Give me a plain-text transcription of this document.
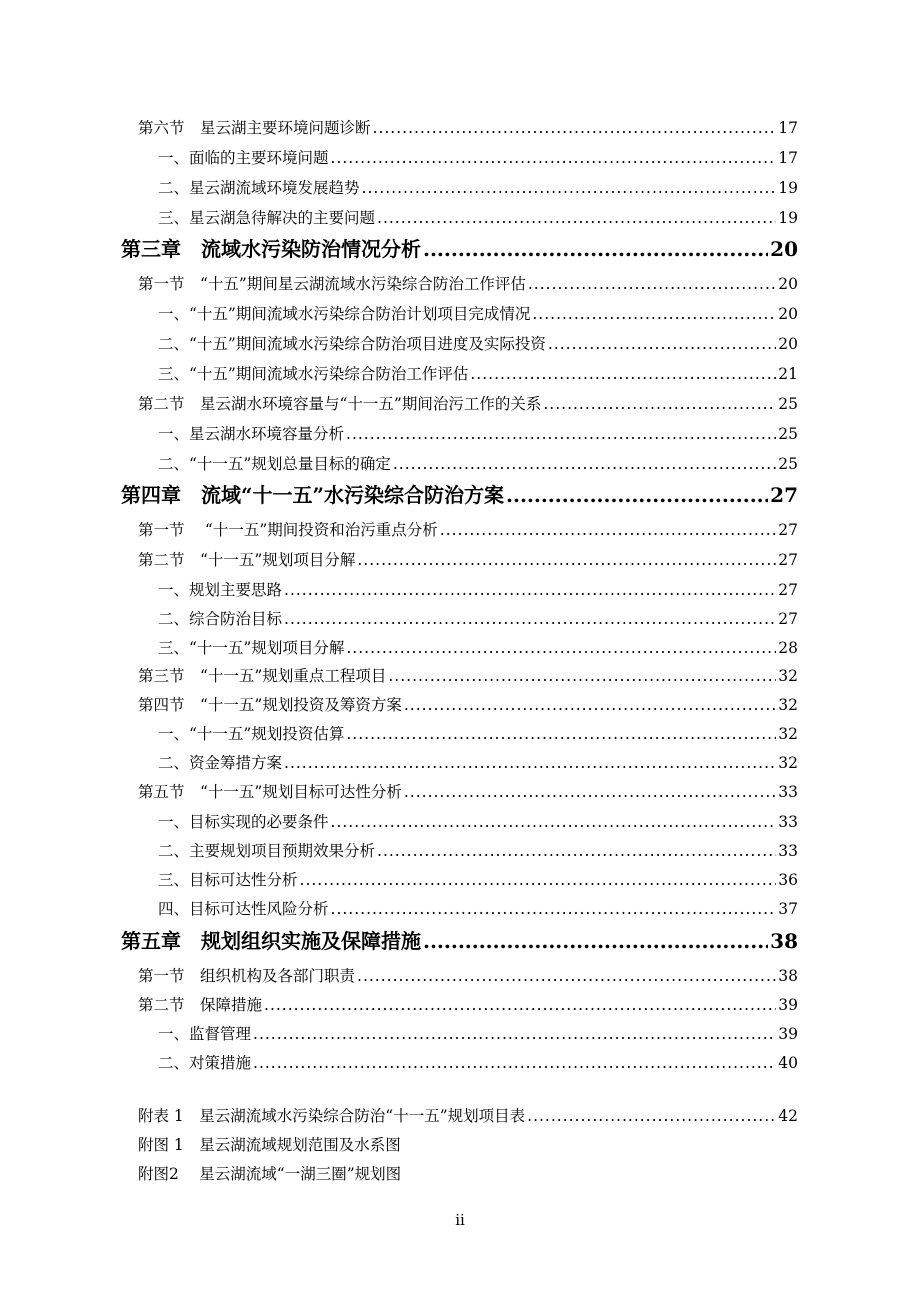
第六节　星云湖主要环境问题诊断 .....	17
一、面临的主要环境问题 .....	17
二、星云湖流域环境发展趋势 .....	19
三、星云湖急待解决的主要问题 .....	19
第三章　流域水污染防治情况分析 .....	20
第一节　“十五”期间星云湖流域水污染综合防治工作评估 .....	20
一、“十五”期间流域水污染综合防治计划项目完成情况 .....	20
二、“十五”期间流域水污染综合防治项目进度及实际投资 .....	20
三、“十五”期间流域水污染综合防治工作评估 .....	21
第二节　星云湖水环境容量与“十一五”期间治污工作的关系 .....	25
一、星云湖水环境容量分析 .....	25
二、“十一五”规划总量目标的确定 .....	25
第四章　流域“十一五”水污染综合防治方案 .....	27
第一节　 “十一五”期间投资和治污重点分析 .....	27
第二节　“十一五”规划项目分解 .....	27
一、规划主要思路 .....	27
二、综合防治目标 .....	27
三、“十一五”规划项目分解 .....	28
第三节　“十一五”规划重点工程项目 .....	32
第四节　“十一五”规划投资及筹资方案 .....	32
一、“十一五”规划投资估算 .....	32
二、资金筹措方案 .....	32
第五节　“十一五”规划目标可达性分析 .....	33
一、目标实现的必要条件 .....	33
二、主要规划项目预期效果分析 .....	33
三、目标可达性分析 .....	36
四、目标可达性风险分析 .....	37
第五章　规划组织实施及保障措施 .....	38
第一节　组织机构及各部门职责 .....	38
第二节　保障措施 .....	39
一、监督管理 .....	39
二、对策措施 .....	40
附表 1　星云湖流域水污染综合防治“十一五”规划项目表 .....	42
附图 1　星云湖流域规划范围及水系图
附图2　 星云湖流域“一湖三圈”规划图
ii
